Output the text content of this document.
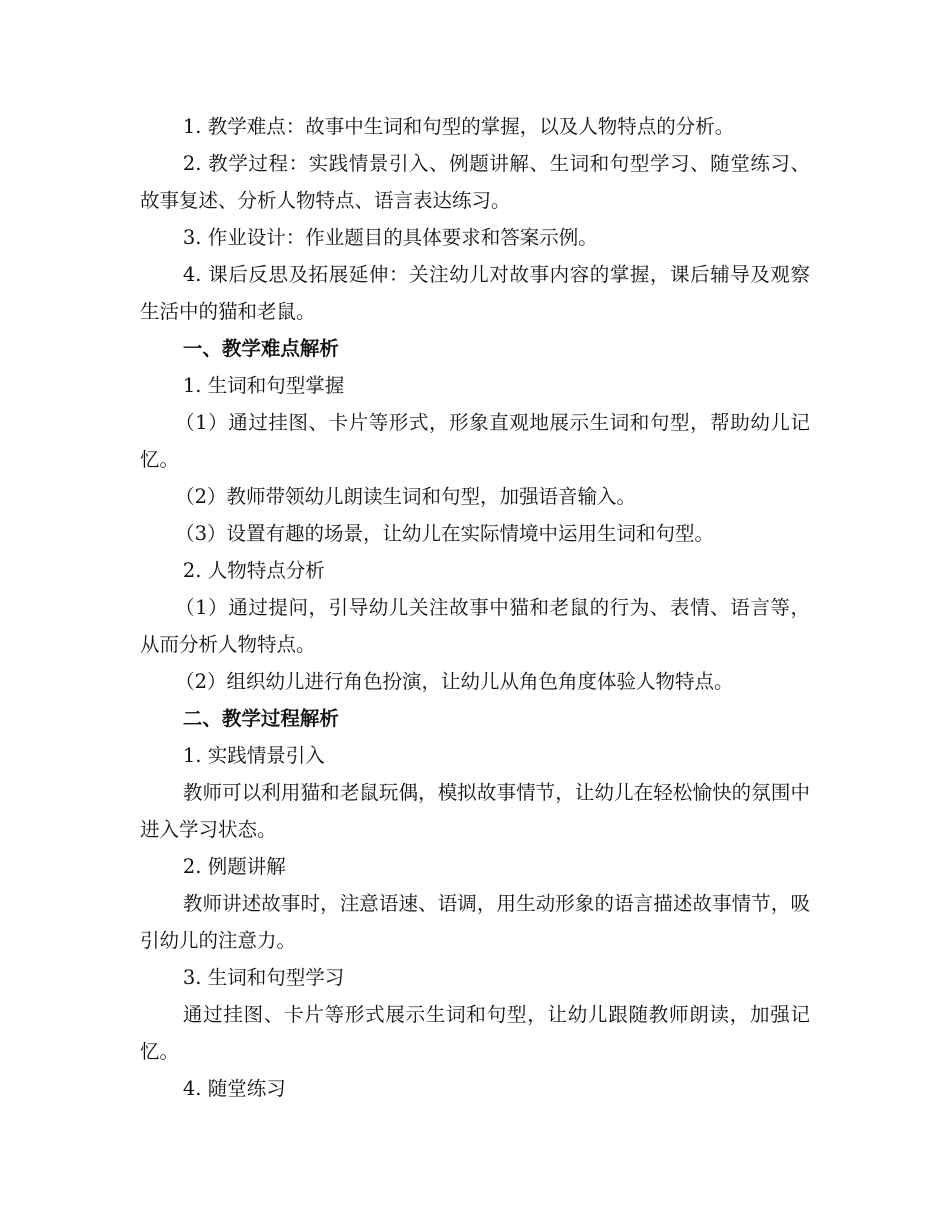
1. 教学难点：故事中生词和句型的掌握，以及人物特点的分析。

2. 教学过程：实践情景引入、例题讲解、生词和句型学习、随堂练习、故事复述、分析人物特点、语言表达练习。

3. 作业设计：作业题目的具体要求和答案示例。

4. 课后反思及拓展延伸：关注幼儿对故事内容的掌握，课后辅导及观察生活中的猫和老鼠。

一、教学难点解析

1. 生词和句型掌握

（1）通过挂图、卡片等形式，形象直观地展示生词和句型，帮助幼儿记忆。

（2）教师带领幼儿朗读生词和句型，加强语音输入。

（3）设置有趣的场景，让幼儿在实际情境中运用生词和句型。

2. 人物特点分析

（1）通过提问，引导幼儿关注故事中猫和老鼠的行为、表情、语言等，从而分析人物特点。

（2）组织幼儿进行角色扮演，让幼儿从角色角度体验人物特点。

二、教学过程解析

1. 实践情景引入

教师可以利用猫和老鼠玩偶，模拟故事情节，让幼儿在轻松愉快的氛围中进入学习状态。

2. 例题讲解

教师讲述故事时，注意语速、语调，用生动形象的语言描述故事情节，吸引幼儿的注意力。

3. 生词和句型学习

通过挂图、卡片等形式展示生词和句型，让幼儿跟随教师朗读，加强记忆。

4. 随堂练习
